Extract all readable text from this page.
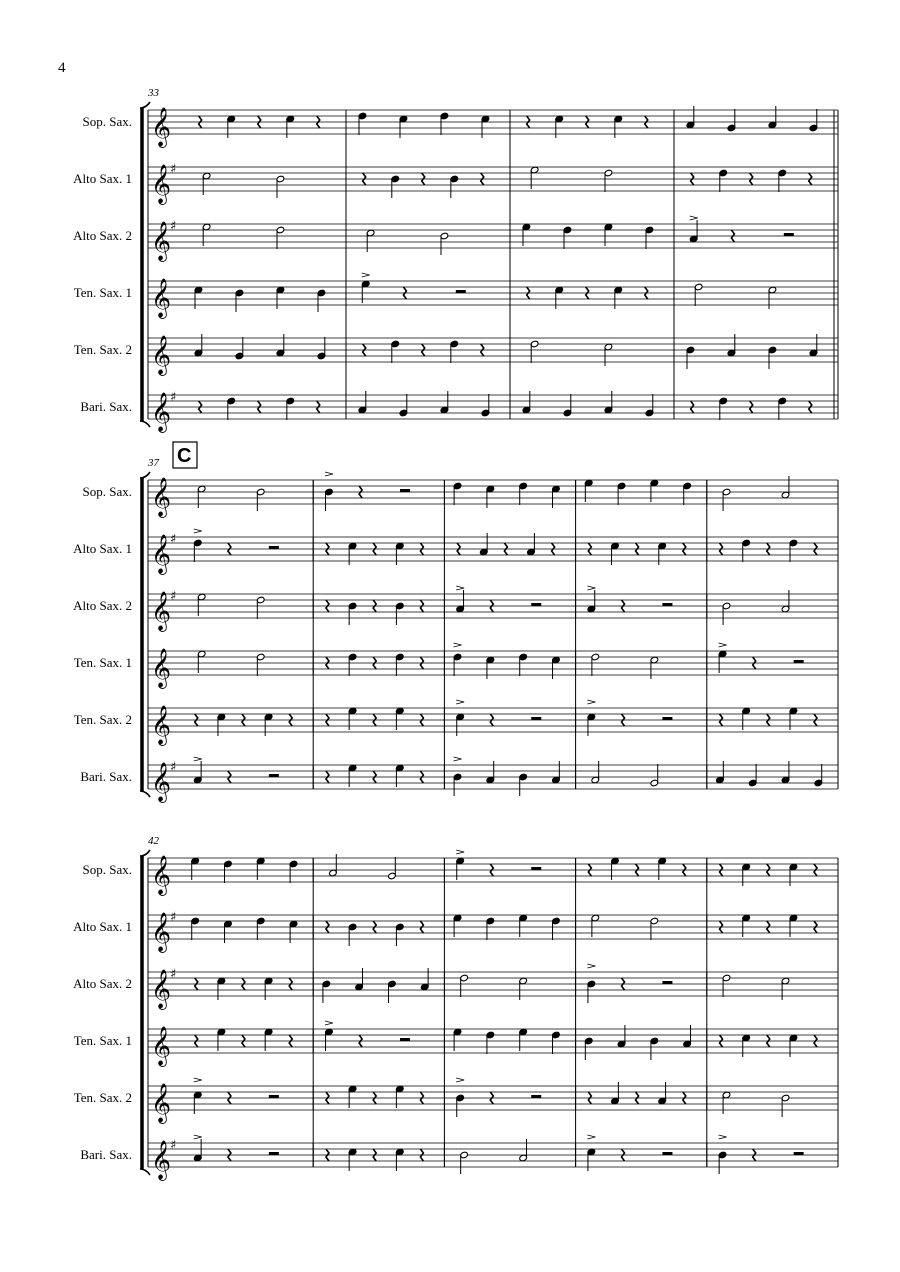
4
33
Sop. Sax. 𝄞
Alto Sax. 1 𝄞
♯
Alto Sax. 2 𝄞
♯
Ten. Sax. 1 𝄞
Ten. Sax. 2 𝄞
Bari. Sax. 𝄞
♯
37 C
Sop. Sax. 𝄞
Alto Sax. 1 𝄞
♯
Alto Sax. 2 𝄞
♯
Ten. Sax. 1 𝄞
Ten. Sax. 2 𝄞
Bari. Sax. 𝄞
♯
42
Sop. Sax. 𝄞
Alto Sax. 1 𝄞
♯
Alto Sax. 2 𝄞
♯
Ten. Sax. 1 𝄞
Ten. Sax. 2 𝄞
Bari. Sax. 𝄞
♯
